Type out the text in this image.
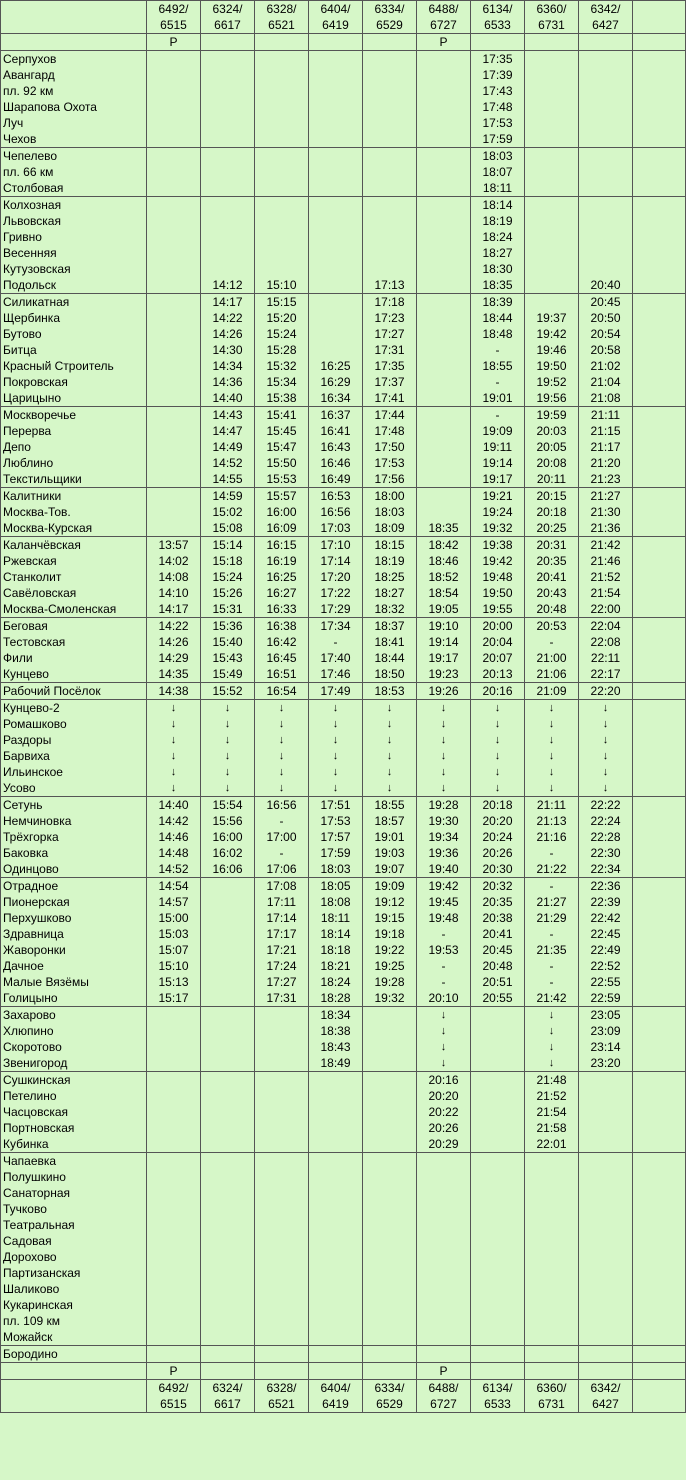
	6492/	6324/	6328/	6404/	6334/	6488/	6134/	6360/	6342/	
	6515	6617	6521	6419	6529	6727	6533	6731	6427	
	Р					Р				
Серпухов							17:35			
Авангард							17:39			
пл. 92 км							17:43			
Шарапова Охота							17:48			
Луч							17:53			
Чехов							17:59			
Чепелево							18:03			
пл. 66 км							18:07			
Столбовая							18:11			
Колхозная							18:14			
Львовская							18:19			
Гривно							18:24			
Весенняя							18:27			
Кутузовская							18:30			
Подольск		14:12	15:10		17:13		18:35		20:40	
Силикатная		14:17	15:15		17:18		18:39		20:45	
Щербинка		14:22	15:20		17:23		18:44	19:37	20:50	
Бутово		14:26	15:24		17:27		18:48	19:42	20:54	
Битца		14:30	15:28		17:31		-	19:46	20:58	
Красный Строитель		14:34	15:32	16:25	17:35		18:55	19:50	21:02	
Покровская		14:36	15:34	16:29	17:37		-	19:52	21:04	
Царицыно		14:40	15:38	16:34	17:41		19:01	19:56	21:08	
Москворечье		14:43	15:41	16:37	17:44		-	19:59	21:11	
Перерва		14:47	15:45	16:41	17:48		19:09	20:03	21:15	
Депо		14:49	15:47	16:43	17:50		19:11	20:05	21:17	
Люблино		14:52	15:50	16:46	17:53		19:14	20:08	21:20	
Текстильщики		14:55	15:53	16:49	17:56		19:17	20:11	21:23	
Калитники		14:59	15:57	16:53	18:00		19:21	20:15	21:27	
Москва-Тов.		15:02	16:00	16:56	18:03		19:24	20:18	21:30	
Москва-Курская		15:08	16:09	17:03	18:09	18:35	19:32	20:25	21:36	
Каланчёвская	13:57	15:14	16:15	17:10	18:15	18:42	19:38	20:31	21:42	
Ржевская	14:02	15:18	16:19	17:14	18:19	18:46	19:42	20:35	21:46	
Станколит	14:08	15:24	16:25	17:20	18:25	18:52	19:48	20:41	21:52	
Савёловская	14:10	15:26	16:27	17:22	18:27	18:54	19:50	20:43	21:54	
Москва-Смоленская	14:17	15:31	16:33	17:29	18:32	19:05	19:55	20:48	22:00	
Беговая	14:22	15:36	16:38	17:34	18:37	19:10	20:00	20:53	22:04	
Тестовская	14:26	15:40	16:42	-	18:41	19:14	20:04	-	22:08	
Фили	14:29	15:43	16:45	17:40	18:44	19:17	20:07	21:00	22:11	
Кунцево	14:35	15:49	16:51	17:46	18:50	19:23	20:13	21:06	22:17	
Рабочий Посёлок	14:38	15:52	16:54	17:49	18:53	19:26	20:16	21:09	22:20	
Кунцево-2	↓	↓	↓	↓	↓	↓	↓	↓	↓	
Ромашково	↓	↓	↓	↓	↓	↓	↓	↓	↓	
Раздоры	↓	↓	↓	↓	↓	↓	↓	↓	↓	
Барвиха	↓	↓	↓	↓	↓	↓	↓	↓	↓	
Ильинское	↓	↓	↓	↓	↓	↓	↓	↓	↓	
Усово	↓	↓	↓	↓	↓	↓	↓	↓	↓	
Сетунь	14:40	15:54	16:56	17:51	18:55	19:28	20:18	21:11	22:22	
Немчиновка	14:42	15:56	-	17:53	18:57	19:30	20:20	21:13	22:24	
Трёхгорка	14:46	16:00	17:00	17:57	19:01	19:34	20:24	21:16	22:28	
Баковка	14:48	16:02	-	17:59	19:03	19:36	20:26	-	22:30	
Одинцово	14:52	16:06	17:06	18:03	19:07	19:40	20:30	21:22	22:34	
Отрадное	14:54		17:08	18:05	19:09	19:42	20:32	-	22:36	
Пионерская	14:57		17:11	18:08	19:12	19:45	20:35	21:27	22:39	
Перхушково	15:00		17:14	18:11	19:15	19:48	20:38	21:29	22:42	
Здравница	15:03		17:17	18:14	19:18	-	20:41	-	22:45	
Жаворонки	15:07		17:21	18:18	19:22	19:53	20:45	21:35	22:49	
Дачное	15:10		17:24	18:21	19:25	-	20:48	-	22:52	
Малые Вязёмы	15:13		17:27	18:24	19:28	-	20:51	-	22:55	
Голицыно	15:17		17:31	18:28	19:32	20:10	20:55	21:42	22:59	
Захарово				18:34		↓		↓	23:05	
Хлюпино				18:38		↓		↓	23:09	
Скоротово				18:43		↓		↓	23:14	
Звенигород				18:49		↓		↓	23:20	
Сушкинская						20:16		21:48		
Петелино						20:20		21:52		
Часцовская						20:22		21:54		
Портновская						20:26		21:58		
Кубинка						20:29		22:01		
Чапаевка										
Полушкино										
Санаторная										
Тучково										
Театральная										
Садовая										
Дорохово										
Партизанская										
Шаликово										
Кукаринская										
пл. 109 км										
Можайск										
Бородино										
	Р					Р				
	6492/	6324/	6328/	6404/	6334/	6488/	6134/	6360/	6342/	
	6515	6617	6521	6419	6529	6727	6533	6731	6427	
